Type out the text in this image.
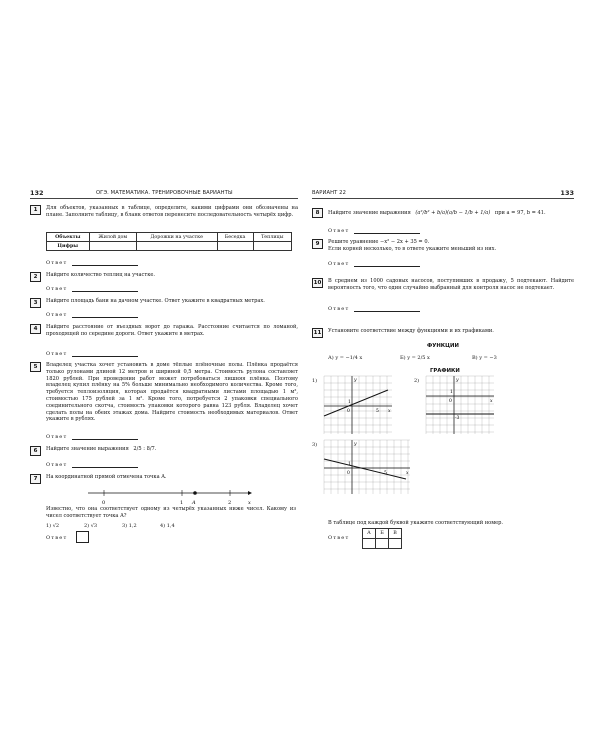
132	ОГЭ. МАТЕМАТИКА. ТРЕНИРОВОЧНЫЕ ВАРИАНТЫ
1	Для объектов, указанных в таблице, определите, какими цифрами они обозначены на плане. Заполните таблицу, в бланк ответов перенесите последовательность четырёх цифр.
Объекты	Жилой дом	Дорожки на участке	Беседка	Теплицы
Цифры				
Ответ
2	Найдите количество теплиц на участке.
Ответ
3	Найдите площадь бани на дачном участке. Ответ укажите в квадратных метрах.
Ответ
4	Найдите расстояние от въездных ворот до гаража. Расстояние считается по ломаной, проходящей по середине дороги. Ответ укажите в метрах.
Ответ
5	Владелец участка хочет установить в доме тёплые плёночные полы. Плёнка продаётся только рулонами длиной 12 метров и шириной 0,5 метра. Стоимость рулона составляет 1820 рублей. При проведении работ может потребоваться лишняя плёнка. Поэтому владелец купил плёнку на 5% больше минимально необходимого количества. Кроме того, требуется теплоизоляция, которая продаётся квадратными листами площадью 1 м², стоимостью 175 рублей за 1 м². Кроме того, потребуется 2 упаковки специального соединительного скотча, стоимость упаковки которого равна 123 рубля. Владелец хочет сделать полы на обеих этажах дома. Найдите стоимость необходимых материалов. Ответ укажите в рублях.
Ответ
6	Найдите значение выражения 2/5 : 8/7.
Ответ
7	На координатной прямой отмечена точка A.
0	1 A	2	x
Известно, что она соответствует одному из четырёх указанных ниже чисел. Какому из чисел соответствует точка A?
1) √2	2) √3	3) 1,2	4) 1,4
Ответ
ВАРИАНТ 22	133
8	Найдите значение выражения (a²/b² + b/a)(a/b − 1/b + 1/a) при a = 97, b = 41.
Ответ
9	Решите уравнение −x² − 2x + 35 = 0.
Если корней несколько, то в ответе укажите меньший из них.
Ответ
10	В среднем из 1000 садовых насосов, поступивших в продажу, 5 подтекают. Найдите вероятность того, что один случайно выбранный для контроля насос не подтекает.
Ответ
11	Установите соответствие между функциями и их графиками.
ФУНКЦИИ
А) y = −1/4 x	Б) y = 2/5 x	В) y = −3
ГРАФИКИ
1)
0
1
5 x
y	2)
0
1
-3
x
y
3)
0
1
5	x
y
В таблице под каждой буквой укажите соответствующий номер.
Ответ
А	Б	В
